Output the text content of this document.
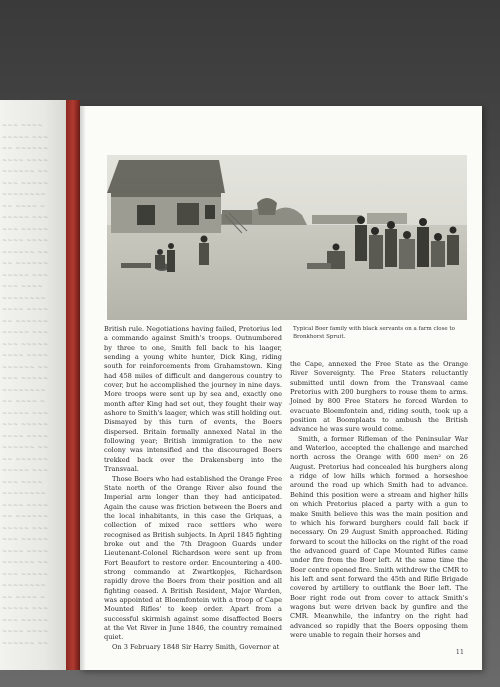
~~~ ~~~~
~~~~~ ~~~
~~ ~~~~~~
~~~~ ~~~~
~~~~~~ ~~
~~~ ~~~~~
~~~~~~~~
~~ ~~~~ ~
~~~~~ ~~~
~~~ ~~~~~
~~~~ ~~~~
~~~~~~ ~~
~~ ~~~~~~
~~~~~ ~~~
~~~ ~~~~
~~~~~~~~
~~~~ ~~~~
~~ ~~~~~~
~~~~~ ~~~
~~~ ~~~~~
~~~~ ~~~~
~~~~~~ ~~
~~~ ~~~~~
~~~~~~~~
~~ ~~~~ ~
~~~~~ ~~~
~~~ ~~~~~
~~~~ ~~~~
~~~~~~ ~~
~~ ~~~~~~
~~~~~ ~~~
~~~ ~~~~
~~~~~~~~
~~~~ ~~~~
~~ ~~~~~~
~~~~~ ~~~
~~~ ~~~~~
~~~~ ~~~~
~~~~~~ ~~
~~~ ~~~~~
~~~~~~~~
~~ ~~~~ ~
~~~~~ ~~~
~~~ ~~~~~
~~~~ ~~~~
~~~~~~ ~~
Typical Boer family with black servants on a farm close to Bronkhorst Spruit.

British rule. Negotiations having failed, Pretorius led a commando against Smith's troops. Outnumbered by three to one, Smith fell back to his laager, sending a young white hunter, Dick King, riding south for reinforcements from Grahamstown. King had 458 miles of difficult and dangerous country to cover, but he accomplished the journey in nine days. More troops were sent up by sea and, exactly one month after King had set out, they fought their way ashore to Smith's laager, which was still holding out. Dismayed by this turn of events, the Boers dispersed. Britain formally annexed Natal in the following year; British immigration to the new colony was intensified and the discouraged Boers trekked back over the Drakensberg into the Transvaal.

Those Boers who had established the Orange Free State north of the Orange River also found the Imperial arm longer than they had anticipated. Again the cause was friction between the Boers and the local inhabitants, in this case the Griquas, a collection of mixed race settlers who were recognised as British subjects. In April 1845 fighting broke out and the 7th Dragoon Guards under Lieutenant-Colonel Richardson were sent up from Fort Beaufort to restore order. Encountering a 400-strong commando at Zwartkopjes, Richardson rapidly drove the Boers from their position and all fighting ceased. A British Resident, Major Warden, was appointed at Bloemfontein with a troop of Cape Mounted Rifles' to keep order. Apart from a successful skirmish against some disaffected Boers at the Vet River in June 1846, the country remained quiet.

On 3 February 1848 Sir Harry Smith, Governor at

the Cape, annexed the Free State as the Orange River Sovereignty. The Free Staters reluctantly submitted until down from the Transvaal came Pretorius with 200 burghers to rouse them to arms. Joined by 800 Free Staters he forced Warden to evacuate Bloemfontein and, riding south, took up a position at Boomplaats to ambush the British advance he was sure would come.

Smith, a former Rifleman of the Peninsular War and Waterloo, accepted the challenge and marched north across the Orange with 600 men² on 26 August. Pretorius had concealed his burghers along a ridge of low hills which formed a horseshoe around the road up which Smith had to advance. Behind this position were a stream and higher hills on which Pretorius placed a party with a gun to make Smith believe this was the main position and to which his forward burghers could fall back if necessary. On 29 August Smith approached. Riding forward to scout the hillocks on the right of the road the advanced guard of Cape Mounted Rifles came under fire from the Boer left. At the same time the Boer centre opened fire. Smith withdrew the CMR to his left and sent forward the 45th and Rifle Brigade covered by artillery to outflank the Boer left. The Boer right rode out from cover to attack Smith's wagons but were driven back by gunfire and the CMR. Meanwhile, the infantry on the right had advanced so rapidly that the Boers opposing them were unable to regain their horses and

11
